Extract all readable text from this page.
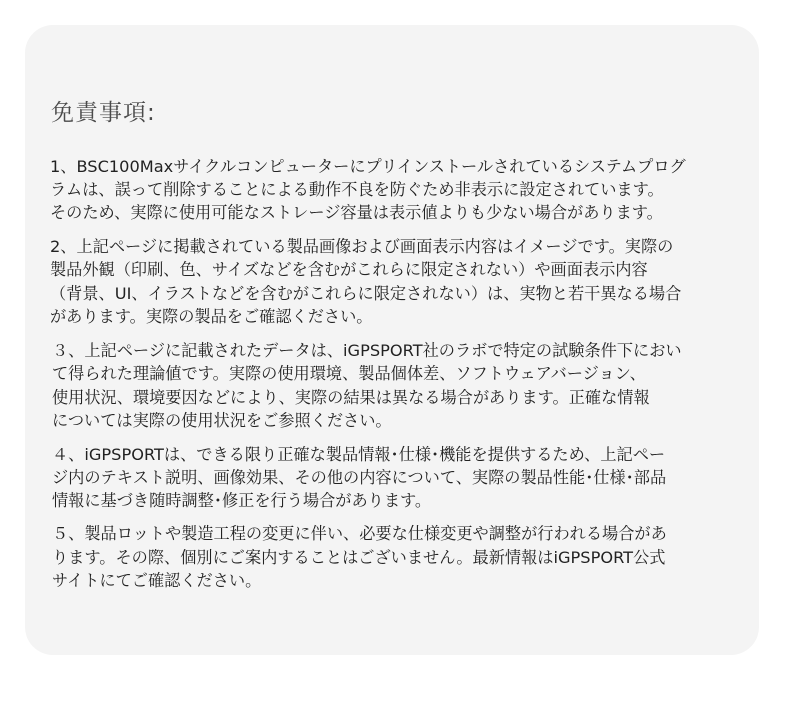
免責事項:
1、BSC100Maxサイクルコンピューターにプリインストールされているシステムプログ
ラムは、誤って削除することによる動作不良を防ぐため非表示に設定されています。
そのため、実際に使用可能なストレージ容量は表示値よりも少ない場合があります。
2、上記ページに掲載されている製品画像および画面表示内容はイメージです。実際の
製品外観（印刷、色、サイズなどを含むがこれらに限定されない）や画面表示内容
（背景、UI、イラストなどを含むがこれらに限定されない）は、実物と若干異なる場合
があります。実際の製品をご確認ください。
３、上記ページに記載されたデータは、iGPSPORT社のラボで特定の試験条件下におい
て得られた理論値です。実際の使用環境、製品個体差、ソフトウェアバージョン、
使用状況、環境要因などにより、実際の結果は異なる場合があります。正確な情報
については実際の使用状況をご参照ください。
４、iGPSPORTは、できる限り正確な製品情報･仕様･機能を提供するため、上記ペー
ジ内のテキスト説明、画像効果、その他の内容について、実際の製品性能･仕様･部品
情報に基づき随時調整･修正を行う場合があります。
５、製品ロットや製造工程の変更に伴い、必要な仕様変更や調整が行われる場合があ
ります。その際、個別にご案内することはございません。最新情報はiGPSPORT公式
サイトにてご確認ください。
